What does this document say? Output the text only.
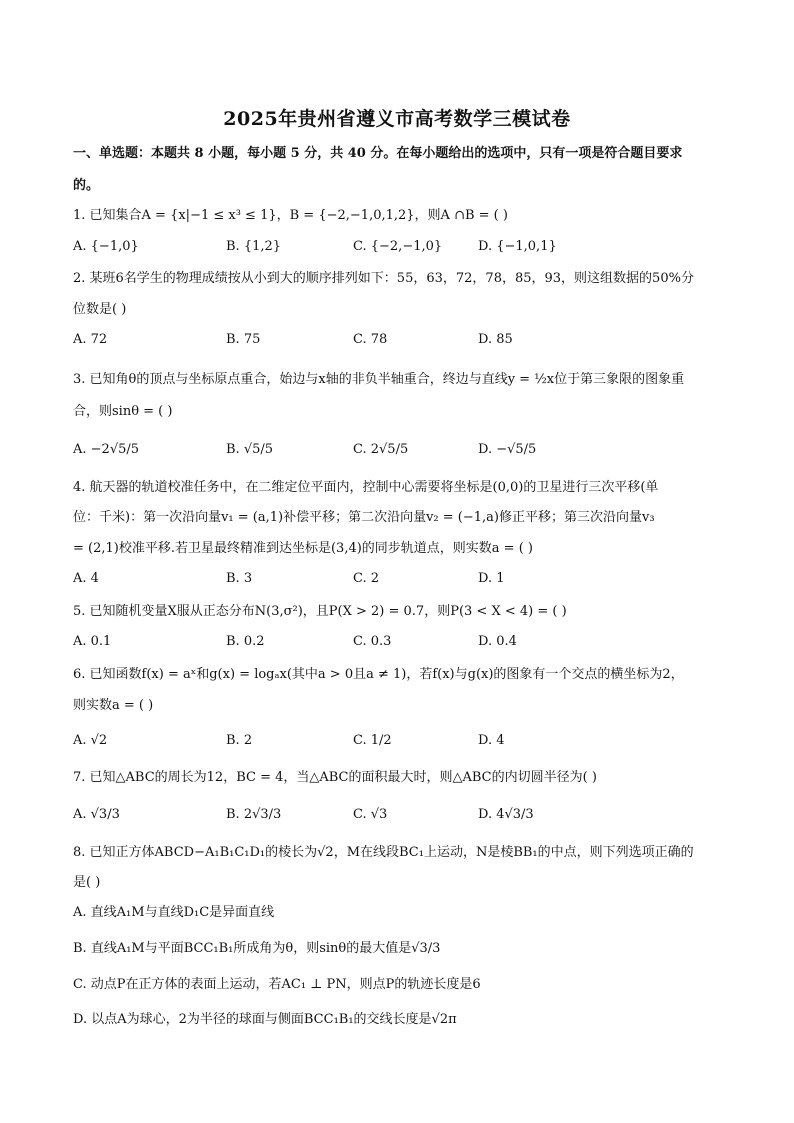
2025年贵州省遵义市高考数学三模试卷
一、单选题：本题共 8 小题，每小题 5 分，共 40 分。在每小题给出的选项中，只有一项是符合题目要求
的。
1. 已知集合A = {x|−1 ≤ x³ ≤ 1}，B = {−2,−1,0,1,2}，则A ∩B = ( )
A. {−1,0}	B. {1,2}	C. {−2,−1,0}	D. {−1,0,1}
2. 某班6名学生的物理成绩按从小到大的顺序排列如下：55，63，72，78，85，93，则这组数据的50%分
位数是( )
A. 72	B. 75	C. 78	D. 85
3. 已知角θ的顶点与坐标原点重合，始边与x轴的非负半轴重合，终边与直线y = ½x位于第三象限的图象重
合，则sinθ = ( )
A. −2√5/5	B. √5/5	C. 2√5/5	D. −√5/5
4. 航天器的轨道校准任务中，在二维定位平面内，控制中心需要将坐标是(0,0)的卫星进行三次平移(单
位：千米)：第一次沿向量v₁ = (a,1)补偿平移；第二次沿向量v₂ = (−1,a)修正平移；第三次沿向量v₃
= (2,1)校准平移.若卫星最终精准到达坐标是(3,4)的同步轨道点，则实数a = ( )
A. 4	B. 3	C. 2	D. 1
5. 已知随机变量X服从正态分布N(3,σ²)，且P(X > 2) = 0.7，则P(3 < X < 4) = ( )
A. 0.1	B. 0.2	C. 0.3	D. 0.4
6. 已知函数f(x) = aˣ和g(x) = logₐx(其中a > 0且a ≠ 1)，若f(x)与g(x)的图象有一个交点的横坐标为2，
则实数a = ( )
A. √2	B. 2	C. 1/2	D. 4
7. 已知△ABC的周长为12，BC = 4，当△ABC的面积最大时，则△ABC的内切圆半径为( )
A. √3/3	B. 2√3/3	C. √3	D. 4√3/3
8. 已知正方体ABCD−A₁B₁C₁D₁的棱长为√2，M在线段BC₁上运动，N是棱BB₁的中点，则下列选项正确的
是( )
A. 直线A₁M与直线D₁C是异面直线
B. 直线A₁M与平面BCC₁B₁所成角为θ，则sinθ的最大值是√3/3
C. 动点P在正方体的表面上运动，若AC₁ ⊥ PN，则点P的轨迹长度是6
D. 以点A为球心，2为半径的球面与侧面BCC₁B₁的交线长度是√2π
